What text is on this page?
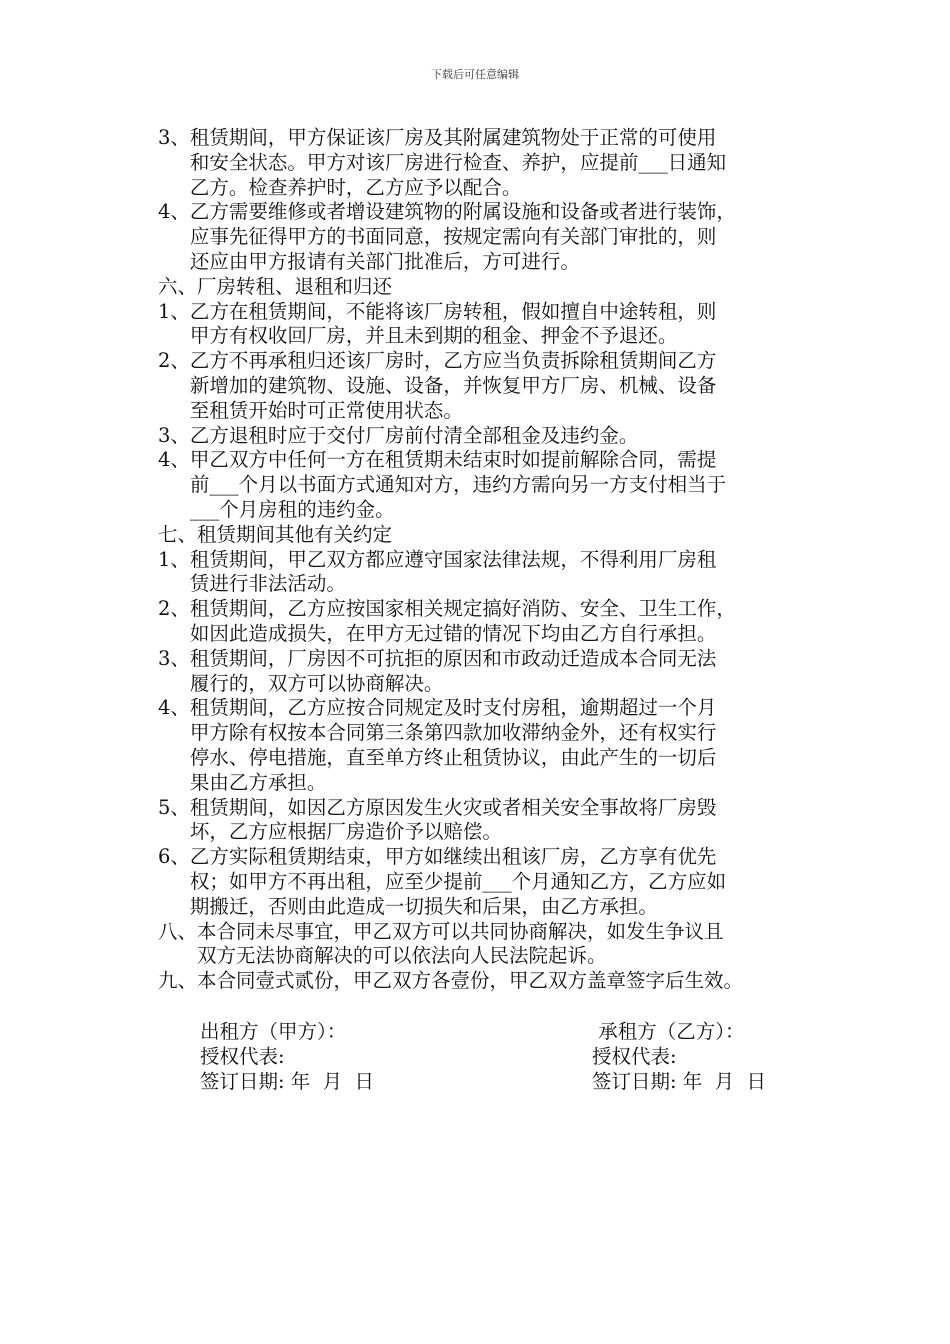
下载后可任意编辑
3、 租赁期间，甲方保证该厂房及其附属建筑物处于正常的可使用
和安全状态。甲方对该厂房进行检查、养护，应提前___日通知
乙方。检查养护时，乙方应予以配合。
4、 乙方需要维修或者增设建筑物的附属设施和设备或者进行装饰，
应事先征得甲方的书面同意，按规定需向有关部门审批的，则
还应由甲方报请有关部门批准后，方可进行。
六、厂房转租、退租和归还
1、 乙方在租赁期间，不能将该厂房转租，假如擅自中途转租，则
甲方有权收回厂房，并且未到期的租金、押金不予退还。
2、 乙方不再承租归还该厂房时，乙方应当负责拆除租赁期间乙方
新增加的建筑物、设施、设备，并恢复甲方厂房、机械、设备
至租赁开始时可正常使用状态。
3、 乙方退租时应于交付厂房前付清全部租金及违约金。
4、 甲乙双方中任何一方在租赁期未结束时如提前解除合同，需提
前___个月以书面方式通知对方，违约方需向另一方支付相当于
___个月房租的违约金。
七、租赁期间其他有关约定
1、 租赁期间，甲乙双方都应遵守国家法律法规，不得利用厂房租
赁进行非法活动。
2、 租赁期间，乙方应按国家相关规定搞好消防、安全、卫生工作，
如因此造成损失，在甲方无过错的情况下均由乙方自行承担。
3、 租赁期间，厂房因不可抗拒的原因和市政动迁造成本合同无法
履行的，双方可以协商解决。
4、 租赁期间，乙方应按合同规定及时支付房租，逾期超过一个月
甲方除有权按本合同第三条第四款加收滞纳金外，还有权实行
停水、停电措施，直至单方终止租赁协议，由此产生的一切后
果由乙方承担。
5、 租赁期间，如因乙方原因发生火灾或者相关安全事故将厂房毁
坏，乙方应根据厂房造价予以赔偿。
6、 乙方实际租赁期结束，甲方如继续出租该厂房，乙方享有优先
权；如甲方不再出租，应至少提前___个月通知乙方，乙方应如
期搬迁，否则由此造成一切损失和后果，由乙方承担。
八、 本合同未尽事宜，甲乙双方可以共同协商解决，如发生争议且
双方无法协商解决的可以依法向人民法院起诉。
九、本合同壹式贰份，甲乙双方各壹份，甲乙双方盖章签字后生效。
出租方（甲方）：
授权代表:
签订日期: 年  月  日
承租方（乙方）：
授权代表:
签订日期: 年  月  日
